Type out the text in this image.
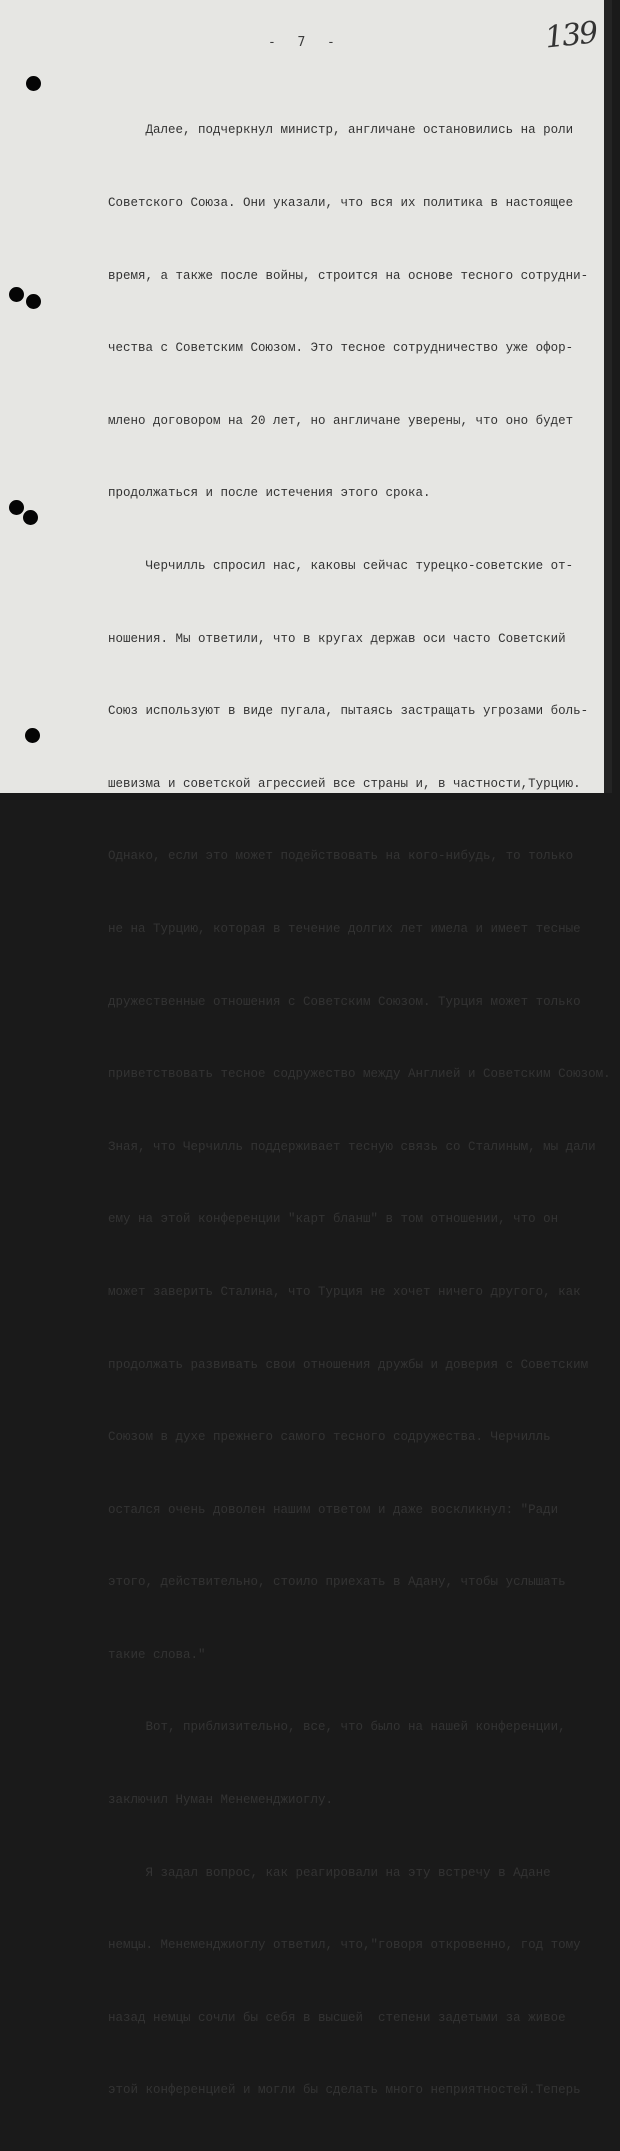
-  7  -	139

Далее, подчеркнул министр, англичане остановились на роли

Советского Союза. Они указали, что вся их политика в настоящее

время, а также после войны, строится на основе тесного сотрудни-

чества с Советским Союзом. Это тесное сотрудничество уже офор-

млено договором на 20 лет, но англичане уверены, что оно будет

продолжаться и после истечения этого срока.

Черчилль спросил нас, каковы сейчас турецко-советские от-

ношения. Мы ответили, что в кругах держав оси часто Советский

Союз используют в виде пугала, пытаясь застращать угрозами боль-

шевизма и советской агрессией все страны и, в частности,Турцию.

Однако, если это может подействовать на кого-нибудь, то только

не на Турцию, которая в течение долгих лет имела и имеет тесные

дружественные отношения с Советским Союзом. Турция может только

приветствовать тесное содружество между Англией и Советским Союзом.

Зная, что Черчилль поддерживает тесную связь со Сталиным, мы дали

ему на этой конференции "карт бланш" в том отношении, что он

может заверить Сталина, что Турция не хочет ничего другого, как

продолжать развивать свои отношения дружбы и доверия с Советским

Союзом в духе прежнего самого тесного содружества. Черчилль

остался очень доволен нашим ответом и даже воскликнул: "Ради

этого, действительно, стоило приехать в Адану, чтобы услышать

такие слова."

Вот, приблизительно, все, что было на нашей конференции,

заключил Нуман Менеменджиоглу.

Я задал вопрос, как реагировали на эту встречу в Адане

немцы. Менеменджиоглу ответил, что,"говоря откровенно, год тому

назад немцы сочли бы себя в высшей  степени задетыми за живое

этой конференцией и могли бы сделать много неприятностей.Теперь
